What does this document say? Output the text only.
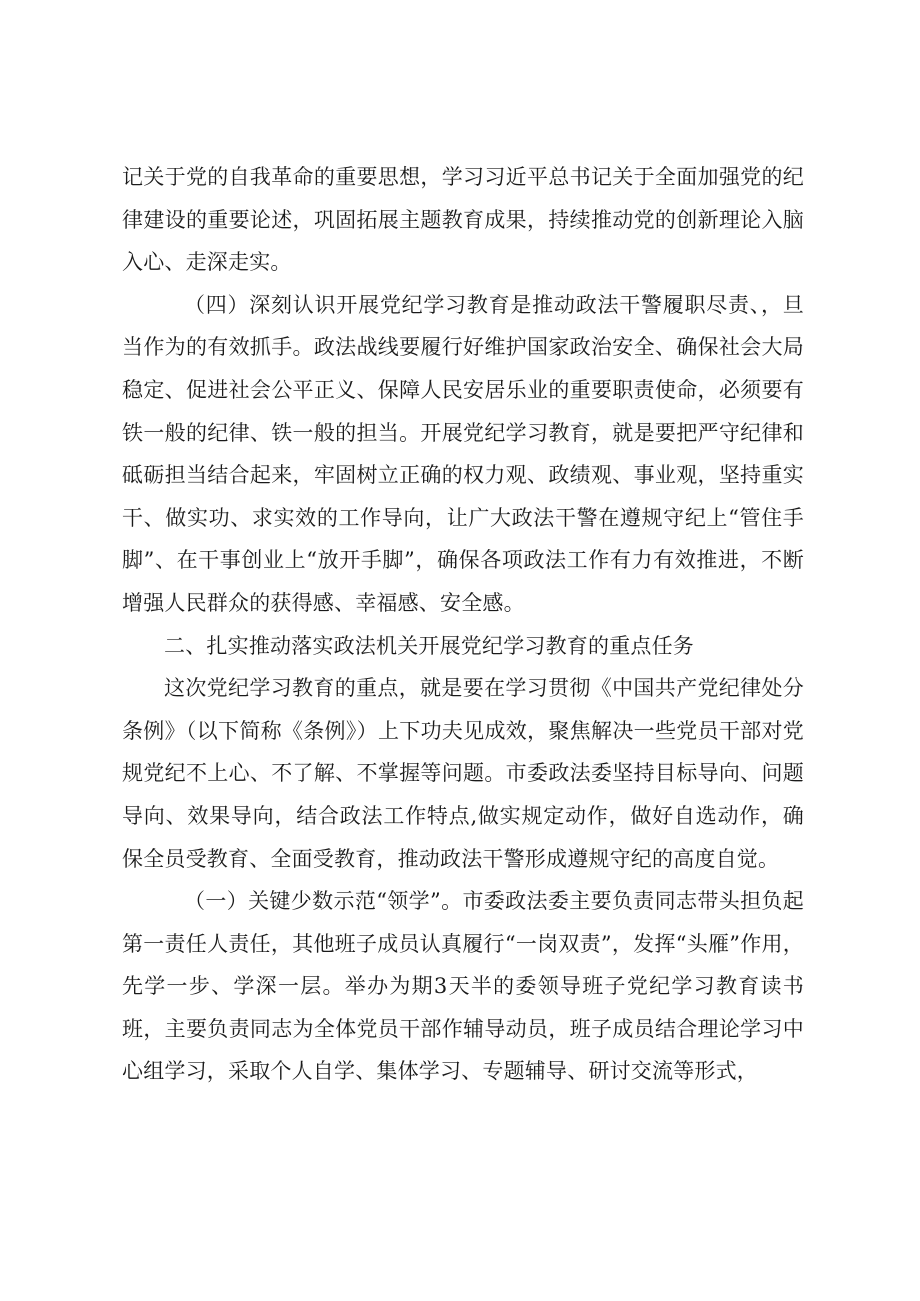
记关于党的自我革命的重要思想，学习习近平总书记关于全面加强党的纪律建设的重要论述，巩固拓展主题教育成果，持续推动党的创新理论入脑入心、走深走实。

（四）深刻认识开展党纪学习教育是推动政法干警履职尽责、，旦当作为的有效抓手。政法战线要履行好维护国家政治安全、确保社会大局稳定、促进社会公平正义、保障人民安居乐业的重要职责使命，必须要有铁一般的纪律、铁一般的担当。开展党纪学习教育，就是要把严守纪律和砥砺担当结合起来，牢固树立正确的权力观、政绩观、事业观，坚持重实干、做实功、求实效的工作导向，让广大政法干警在遵规守纪上“管住手脚”、在干事创业上“放开手脚”，确保各项政法工作有力有效推进，不断增强人民群众的获得感、幸福感、安全感。

二、扎实推动落实政法机关开展党纪学习教育的重点任务

这次党纪学习教育的重点，就是要在学习贯彻《中国共产党纪律处分条例》（以下简称《条例》）上下功夫见成效，聚焦解决一些党员干部对党规党纪不上心、不了解、不掌握等问题。市委政法委坚持目标导向、问题导向、效果导向，结合政法工作特点,做实规定动作，做好自选动作，确保全员受教育、全面受教育，推动政法干警形成遵规守纪的高度自觉。

（一）关键少数示范“领学”。市委政法委主要负责同志带头担负起第一责任人责任，其他班子成员认真履行“一岗双责”，发挥“头雁”作用，先学一步、学深一层。举办为期3天半的委领导班子党纪学习教育读书班，主要负责同志为全体党员干部作辅导动员，班子成员结合理论学习中心组学习，采取个人自学、集体学习、专题辅导、研讨交流等形式，
